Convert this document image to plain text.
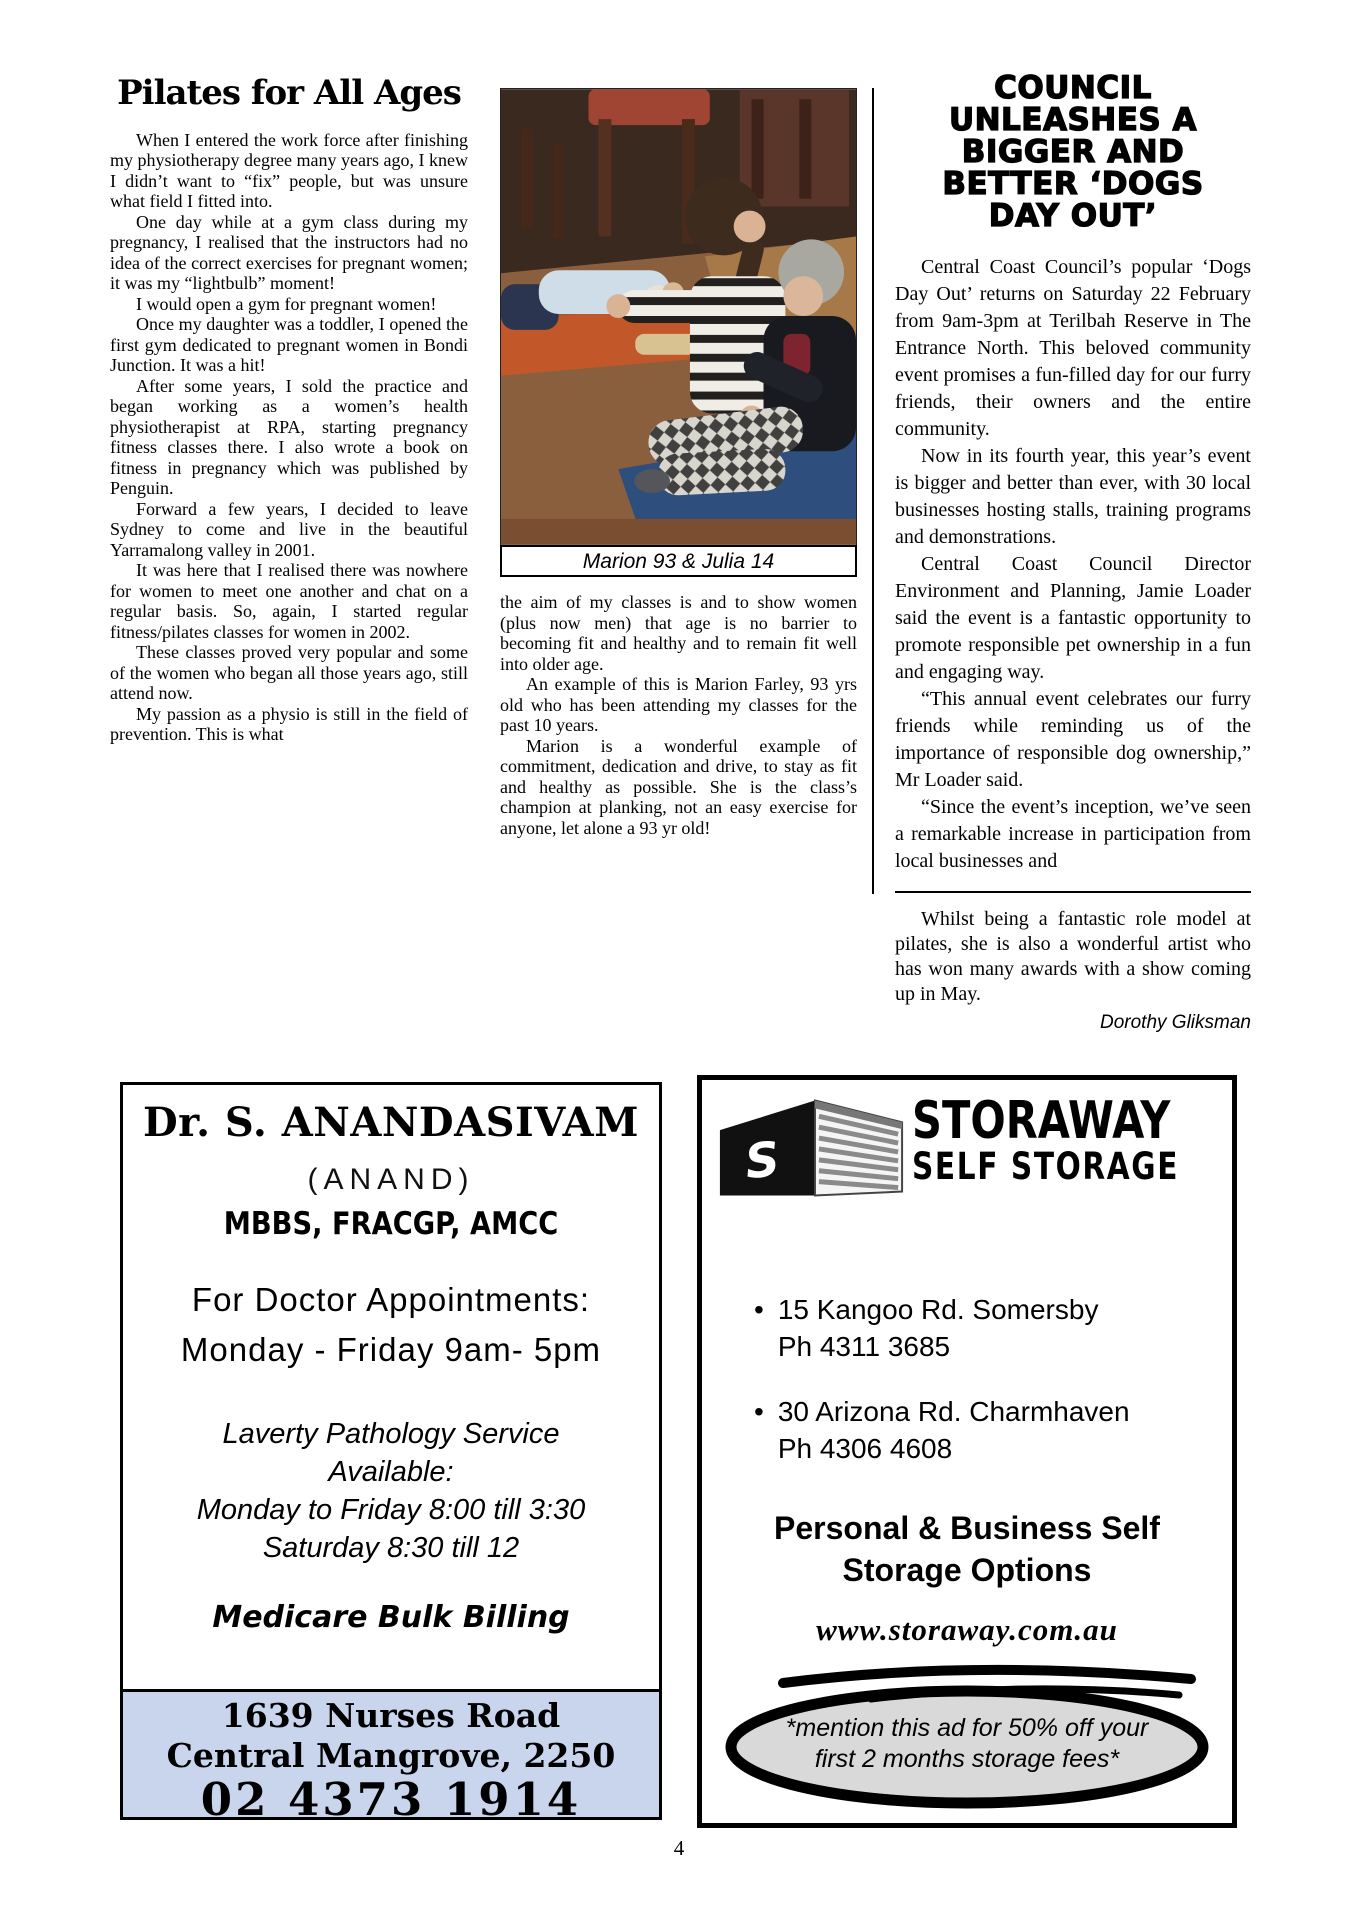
Pilates for All Ages

When I entered the work force after finishing my physiotherapy degree many years ago, I knew I didn’t want to “fix” people, but was unsure what field I fitted into.

One day while at a gym class during my pregnancy, I realised that the instructors had no idea of the correct exercises for pregnant women; it was my “lightbulb” moment!

I would open a gym for pregnant women!

Once my daughter was a toddler, I opened the first gym dedicated to pregnant women in Bondi Junction. It was a hit!

After some years, I sold the practice and began working as a women’s health physiotherapist at RPA, starting pregnancy fitness classes there. I also wrote a book on fitness in pregnancy which was published by Penguin.

Forward a few years, I decided to leave Sydney to come and live in the beautiful Yarramalong valley in 2001.

It was here that I realised there was nowhere for women to meet one another and chat on a regular basis. So, again, I started regular fitness/pilates classes for women in 2002.

These classes proved very popular and some of the women who began all those years ago, still attend now.

My passion as a physio is still in the field of prevention. This is what

Marion 93 & Julia 14

the aim of my classes is and to show women (plus now men) that age is no barrier to becoming fit and healthy and to remain fit well into older age.

An example of this is Marion Farley, 93 yrs old who has been attending my classes for the past 10 years.

Marion is a wonderful example of commitment, dedication and drive, to stay as fit and healthy as possible. She is the class’s champion at planking, not an easy exercise for anyone, let alone a 93 yr old!

COUNCIL
UNLEASHES A
BIGGER AND
BETTER ‘DOGS
DAY OUT’

Central Coast Council’s popular ‘Dogs Day Out’ returns on Saturday 22 February from 9am-3pm at Terilbah Reserve in The Entrance North. This beloved community event promises a fun-filled day for our furry friends, their owners and the entire community.

Now in its fourth year, this year’s event is bigger and better than ever, with 30 local businesses hosting stalls, training programs and demonstrations.

Central Coast Council Director Environment and Planning, Jamie Loader said the event is a fantastic opportunity to promote responsible pet ownership in a fun and engaging way.

“This annual event celebrates our furry friends while reminding us of the importance of responsible dog ownership,” Mr Loader said.

“Since the event’s inception, we’ve seen a remarkable increase in participation from local businesses and

Whilst being a fantastic role model at pilates, she is also a wonderful artist who has won many awards with a show coming up in May.

Dorothy Gliksman
Dr. S. ANANDASIVAM
(ANAND)
MBBS, FRACGP, AMCC
For Doctor Appointments:
Monday - Friday 9am- 5pm
Laverty Pathology Service
Available:
Monday to Friday 8:00 till 3:30
Saturday 8:30 till 12
Medicare Bulk Billing
1639 Nurses Road
Central Mangrove, 2250
02 4373 1914
S
STORAWAY
SELF STORAGE
• 15 Kangoo Rd. Somersby
Ph 4311 3685
• 30 Arizona Rd. Charmhaven
Ph 4306 4608
Personal & Business Self
Storage Options
www.storaway.com.au
*mention this ad for 50% off your
first 2 months storage fees*
4
